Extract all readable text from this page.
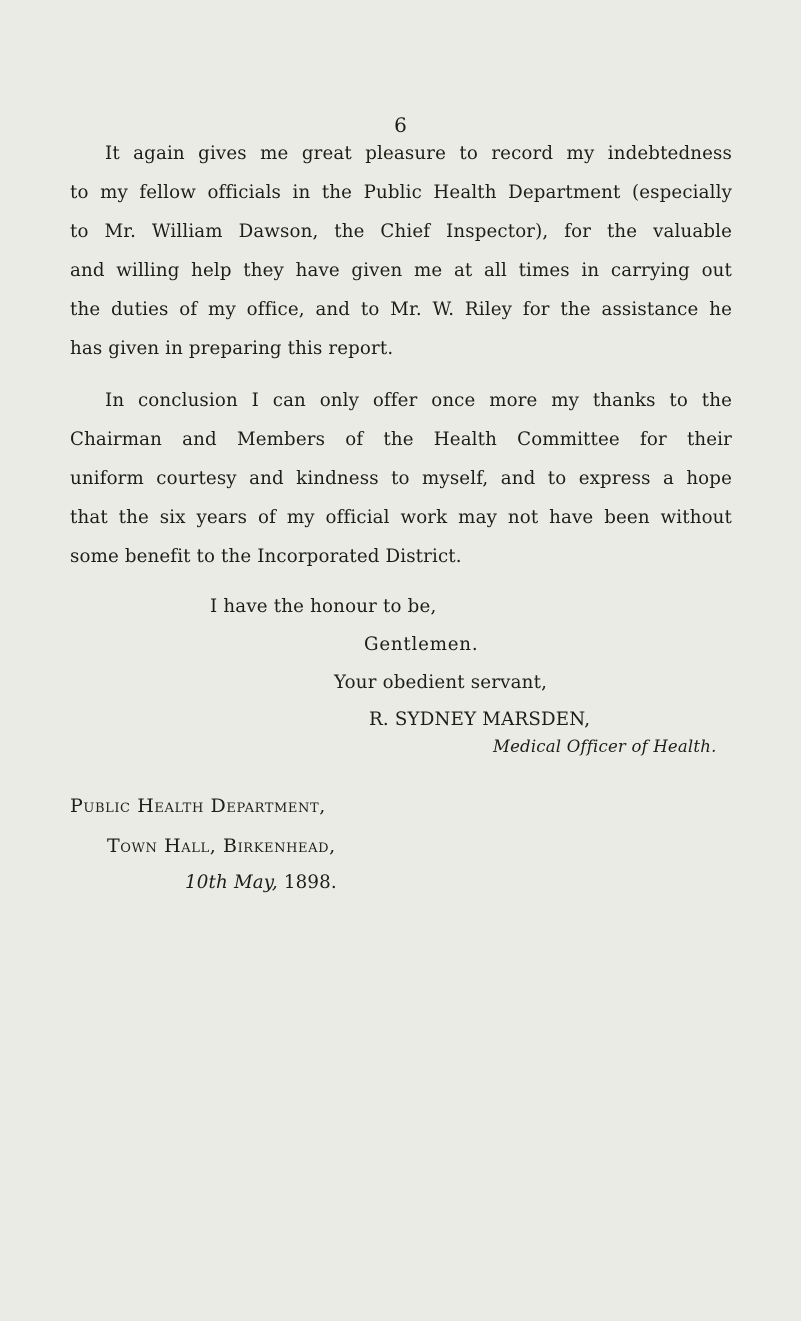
6
It again gives me great pleasure to record my indebtedness
to my fellow officials in the Public Health Department (especially
to Mr. William Dawson, the Chief Inspector), for the valuable
and willing help they have given me at all times in carrying out
the duties of my office, and to Mr. W. Riley for the assistance he
has given in preparing this report.
In conclusion I can only offer once more my thanks to the
Chairman and Members of the Health Committee for their
uniform courtesy and kindness to myself, and to express a hope
that the six years of my official work may not have been without
some benefit to the Incorporated District.
I have the honour to be,
Gentlemen.
Your obedient servant,
R. SYDNEY MARSDEN,
Medical Officer of Health.
Public Health Department,
Town Hall, Birkenhead,
10th May, 1898.
